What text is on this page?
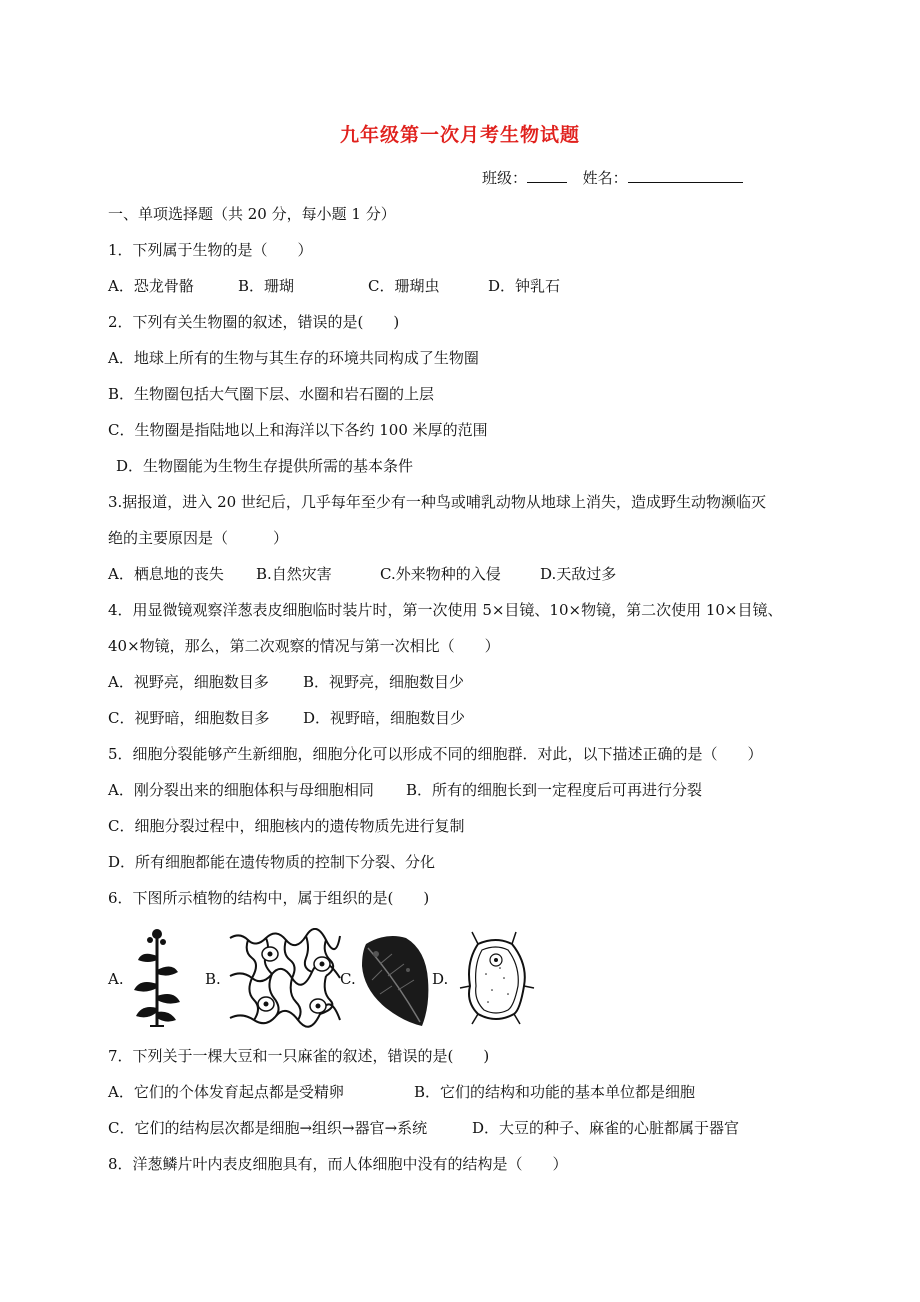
九年级第一次月考生物试题
班级：	姓名：
一、单项选择题（共 20 分，每小题 1 分）
1．下列属于生物的是（　　）
A．恐龙骨骼	B．珊瑚	C．珊瑚虫	D．钟乳石
2．下列有关生物圈的叙述，错误的是(　　)
A．地球上所有的生物与其生存的环境共同构成了生物圈
B．生物圈包括大气圈下层、水圈和岩石圈的上层
C．生物圈是指陆地以上和海洋以下各约 100 米厚的范围
D．生物圈能为生物生存提供所需的基本条件
3.据报道，进入 20 世纪后，几乎每年至少有一种鸟或哺乳动物从地球上消失，造成野生动物濒临灭
绝的主要原因是（　　　）
A．栖息地的丧失 B.自然灾害	C.外来物种的入侵	D.天敌过多
4．用显微镜观察洋葱表皮细胞临时装片时，第一次使用 5×目镜、10×物镜，第二次使用 10×目镜、
40×物镜，那么，第二次观察的情况与第一次相比（　　）
A．视野亮，细胞数目多 B．视野亮，细胞数目少
C．视野暗，细胞数目多 D．视野暗，细胞数目少
5．细胞分裂能够产生新细胞，细胞分化可以形成不同的细胞群．对此，以下描述正确的是（　　）
A．刚分裂出来的细胞体积与母细胞相同 B．所有的细胞长到一定程度后可再进行分裂
C．细胞分裂过程中，细胞核内的遗传物质先进行复制
D．所有细胞都能在遗传物质的控制下分裂、分化
6．下图所示植物的结构中，属于组织的是(　　)
A.	B.	C.	D.
7．下列关于一棵大豆和一只麻雀的叙述，错误的是(　　)
A．它们的个体发育起点都是受精卵	B．它们的结构和功能的基本单位都是细胞
C．它们的结构层次都是细胞→组织→器官→系统	D．大豆的种子、麻雀的心脏都属于器官
8．洋葱鳞片叶内表皮细胞具有，而人体细胞中没有的结构是（　　）
